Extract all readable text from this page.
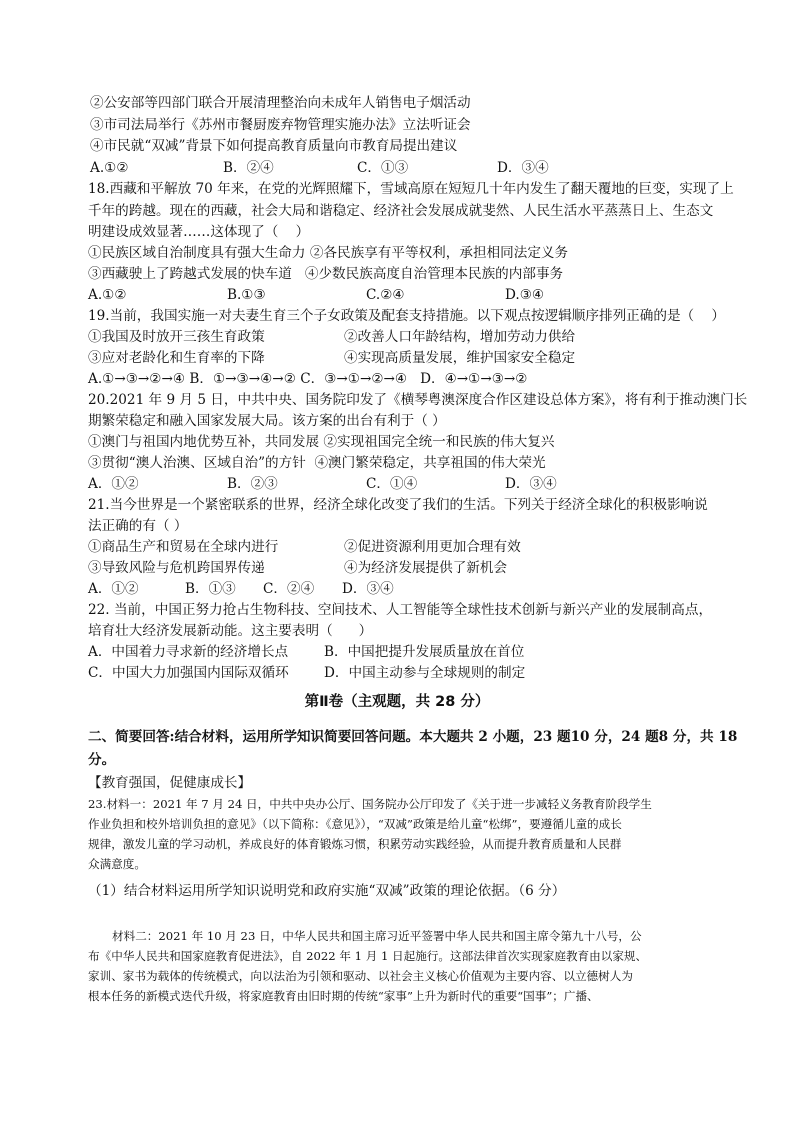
②公安部等四部门联合开展清理整治向未成年人销售电子烟活动
③市司法局举行《苏州市餐厨废弃物管理实施办法》立法听证会
④市民就“双减”背景下如何提高教育质量向市教育局提出建议
A.①②	B．②④	C．①③	D．③④
18.西藏和平解放 70 年来，在党的光辉照耀下，雪域高原在短短几十年内发生了翻天覆地的巨变，实现了上
千年的跨越。现在的西藏，社会大局和谐稳定、经济社会发展成就斐然、人民生活水平蒸蒸日上、生态文
明建设成效显著……这体现了（    ）
①民族区域自治制度具有强大生命力 ②各民族享有平等权利，承担相同法定义务
③西藏驶上了跨越式发展的快车道   ④少数民族高度自治管理本民族的内部事务
A.①②	B.①③	C.②④	D.③④
19.当前，我国实施一对夫妻生育三个子女政策及配套支持措施。以下观点按逻辑顺序排列正确的是（    ）
①我国及时放开三孩生育政策	②改善人口年龄结构，增加劳动力供给
③应对老龄化和生育率的下降	④实现高质量发展，维护国家安全稳定
A.①→③→②→④ B．①→③→④→② C．③→①→②→④   D．④→①→③→②
20.2021 年 9 月 5 日，中共中央、国务院印发了《横琴粤澳深度合作区建设总体方案》，将有利于推动澳门长
期繁荣稳定和融入国家发展大局。该方案的出台有利于（ ）
①澳门与祖国内地优势互补，共同发展 ②实现祖国完全统一和民族的伟大复兴
③贯彻“澳人治澳、区域自治”的方针  ④澳门繁荣稳定，共享祖国的伟大荣光
A．①②	B．②③	C．①④	D．③④
21.当今世界是一个紧密联系的世界，经济全球化改变了我们的生活。下列关于经济全球化的积极影响说
法正确的有（ ）
①商品生产和贸易在全球内进行	②促进资源利用更加合理有效
③导致风险与危机跨国界传递	④为经济发展提供了新机会
A．①②	B．①③ C．②④ D．③④
22. 当前，中国正努力抢占生物科技、空间技术、人工智能等全球性技术创新与新兴产业的发展制高点，
培育壮大经济发展新动能。这主要表明（      ）
A．中国着力寻求新的经济增长点	B．中国把提升发展质量放在首位
C．中国大力加强国内国际双循环	D．中国主动参与全球规则的制定
第Ⅱ卷（主观题，共 28 分）
二、简要回答:结合材料，运用所学知识简要回答问题。本大题共 2 小题，23 题10 分，24 题8 分，共 18
分。
【教育强国，促健康成长】
23.材料一：2021 年 7 月 24 日，中共中央办公厅、国务院办公厅印发了《关于进一步减轻义务教育阶段学生
作业负担和校外培训负担的意见》（以下简称：《意见》），“双减”政策是给儿童“松绑”，要遵循儿童的成长
规律，激发儿童的学习动机，养成良好的体育锻炼习惯，积累劳动实践经验，从而提升教育质量和人民群
众满意度。
（1）结合材料运用所学知识说明党和政府实施“双减”政策的理论依据。（6 分）
材料二：2021 年 10 月 23 日，中华人民共和国主席习近平签署中华人民共和国主席令第九十八号，公
布《中华人民共和国家庭教育促进法》，自 2022 年 1 月 1 日起施行。这部法律首次实现家庭教育由以家规、
家训、家书为载体的传统模式，向以法治为引领和驱动、以社会主义核心价值观为主要内容、以立德树人为
根本任务的新模式迭代升级，将家庭教育由旧时期的传统“家事”上升为新时代的重要“国事”；广播、
